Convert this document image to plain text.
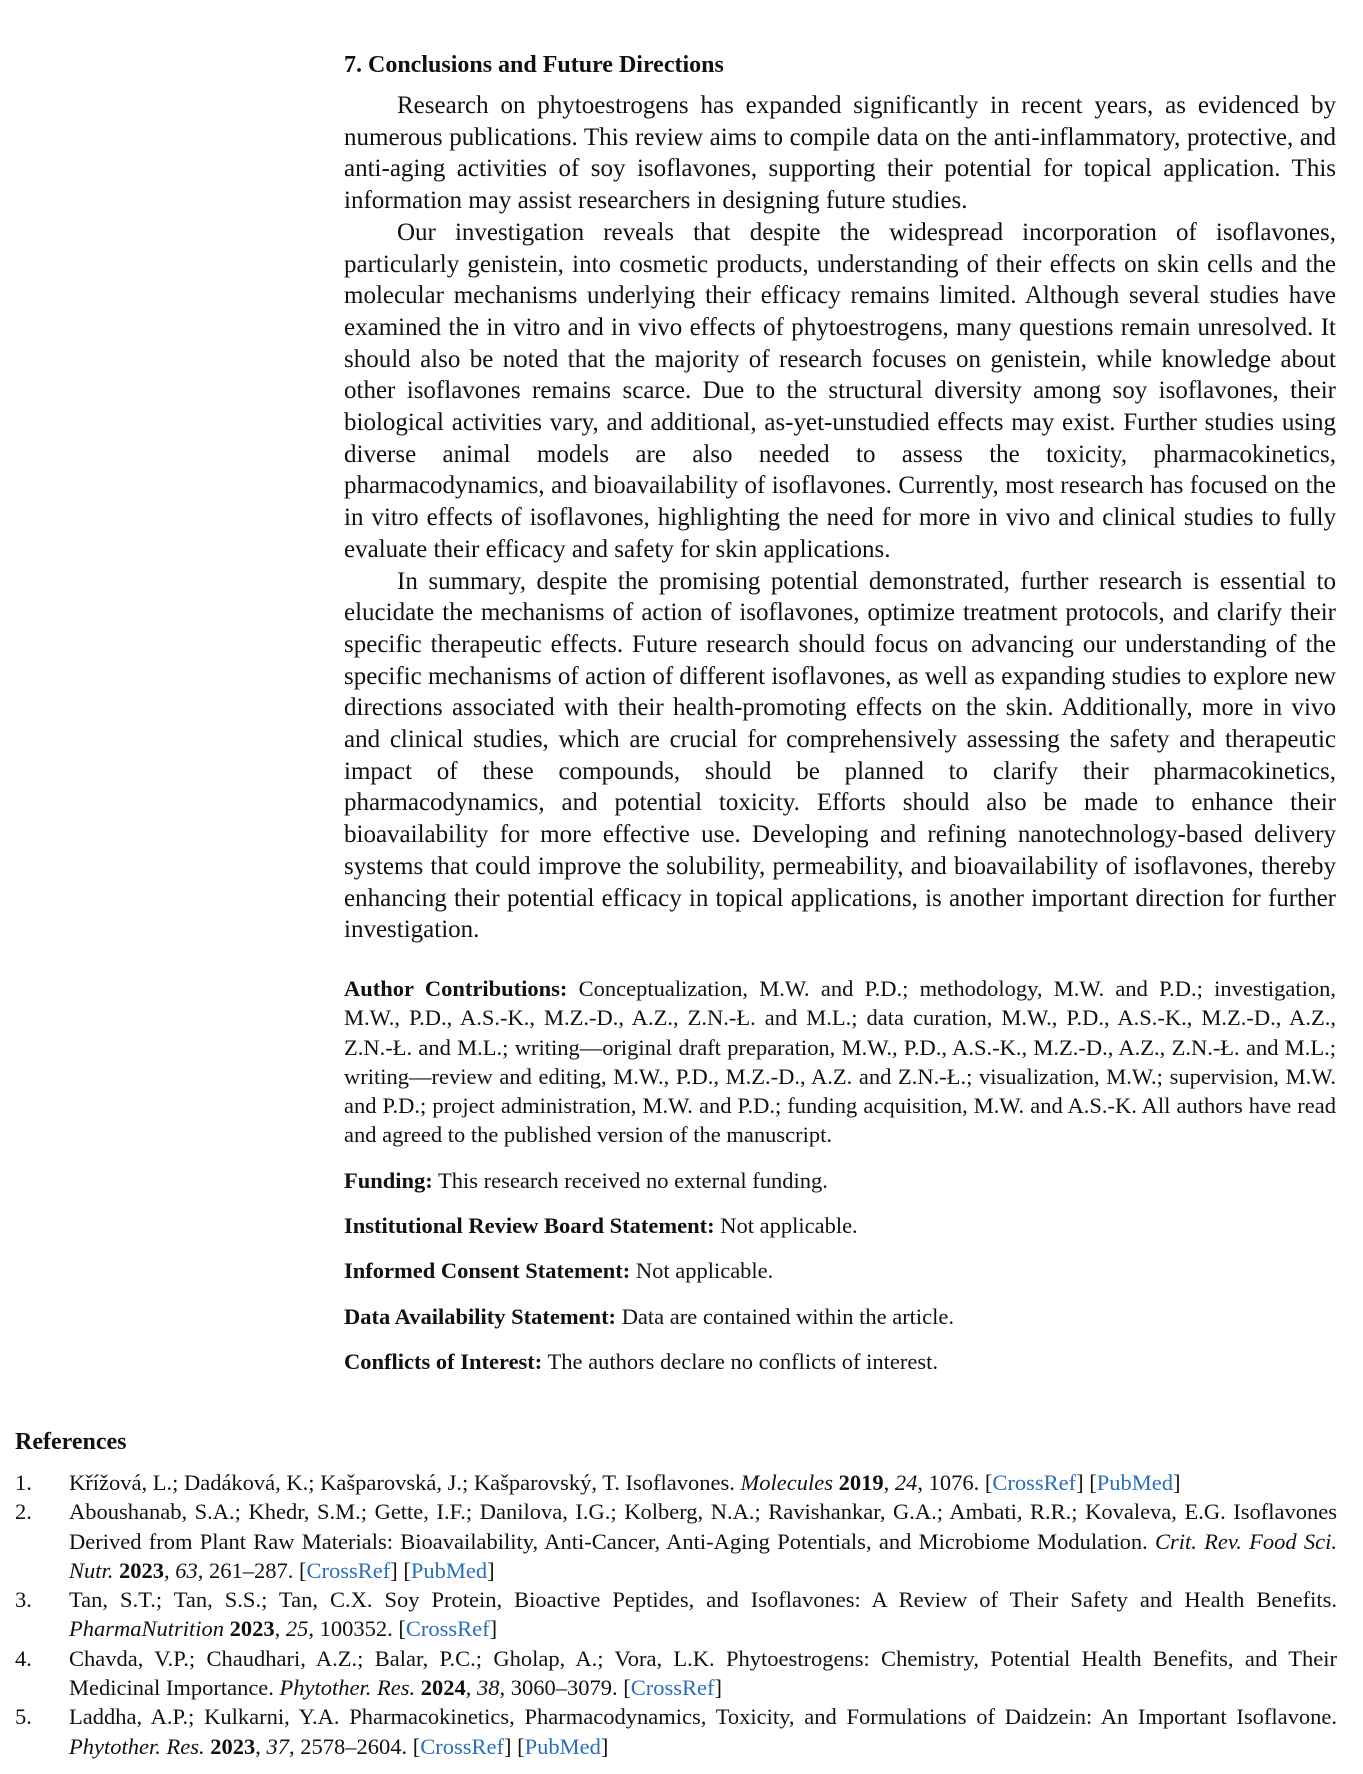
7. Conclusions and Future Directions

Research on phytoestrogens has expanded significantly in recent years, as evidenced by numerous publications. This review aims to compile data on the anti-inflammatory, protective, and anti-aging activities of soy isoflavones, supporting their potential for topical application. This information may assist researchers in designing future studies.

Our investigation reveals that despite the widespread incorporation of isoflavones, particularly genistein, into cosmetic products, understanding of their effects on skin cells and the molecular mechanisms underlying their efficacy remains limited. Although several studies have examined the in vitro and in vivo effects of phytoestrogens, many questions remain unresolved. It should also be noted that the majority of research focuses on genistein, while knowledge about other isoflavones remains scarce. Due to the structural diversity among soy isoflavones, their biological activities vary, and additional, as-yet-unstudied effects may exist. Further studies using diverse animal models are also needed to assess the toxicity, pharmacokinetics, pharmacodynamics, and bioavailability of isoflavones. Currently, most research has focused on the in vitro effects of isoflavones, highlighting the need for more in vivo and clinical studies to fully evaluate their efficacy and safety for skin applications.

In summary, despite the promising potential demonstrated, further research is essential to elucidate the mechanisms of action of isoflavones, optimize treatment protocols, and clarify their specific therapeutic effects. Future research should focus on advancing our understanding of the specific mechanisms of action of different isoflavones, as well as expanding studies to explore new directions associated with their health-promoting effects on the skin. Additionally, more in vivo and clinical studies, which are crucial for comprehensively assessing the safety and therapeutic impact of these compounds, should be planned to clarify their pharmacokinetics, pharmacodynamics, and potential toxicity. Efforts should also be made to enhance their bioavailability for more effective use. Developing and refining nanotechnology-based delivery systems that could improve the solubility, permeability, and bioavailability of isoflavones, thereby enhancing their potential efficacy in topical applications, is another important direction for further investigation.

Author Contributions: Conceptualization, M.W. and P.D.; methodology, M.W. and P.D.; investigation, M.W., P.D., A.S.-K., M.Z.-D., A.Z., Z.N.-Ł. and M.L.; data curation, M.W., P.D., A.S.-K., M.Z.-D., A.Z., Z.N.-Ł. and M.L.; writing—original draft preparation, M.W., P.D., A.S.-K., M.Z.-D., A.Z., Z.N.-Ł. and M.L.; writing—review and editing, M.W., P.D., M.Z.-D., A.Z. and Z.N.-Ł.; visualization, M.W.; supervision, M.W. and P.D.; project administration, M.W. and P.D.; funding acquisition, M.W. and A.S.-K. All authors have read and agreed to the published version of the manuscript.

Funding: This research received no external funding.

Institutional Review Board Statement: Not applicable.

Informed Consent Statement: Not applicable.

Data Availability Statement: Data are contained within the article.

Conflicts of Interest: The authors declare no conflicts of interest.

References
1. Křížová, L.; Dadáková, K.; Kašparovská, J.; Kašparovský, T. Isoflavones. Molecules 2019, 24, 1076. [CrossRef] [PubMed]
2. Aboushanab, S.A.; Khedr, S.M.; Gette, I.F.; Danilova, I.G.; Kolberg, N.A.; Ravishankar, G.A.; Ambati, R.R.; Kovaleva, E.G. Isoflavones Derived from Plant Raw Materials: Bioavailability, Anti-Cancer, Anti-Aging Potentials, and Microbiome Modulation. Crit. Rev. Food Sci. Nutr. 2023, 63, 261–287. [CrossRef] [PubMed]
3. Tan, S.T.; Tan, S.S.; Tan, C.X. Soy Protein, Bioactive Peptides, and Isoflavones: A Review of Their Safety and Health Benefits. PharmaNutrition 2023, 25, 100352. [CrossRef]
4. Chavda, V.P.; Chaudhari, A.Z.; Balar, P.C.; Gholap, A.; Vora, L.K. Phytoestrogens: Chemistry, Potential Health Benefits, and Their Medicinal Importance. Phytother. Res. 2024, 38, 3060–3079. [CrossRef]
5. Laddha, A.P.; Kulkarni, Y.A. Pharmacokinetics, Pharmacodynamics, Toxicity, and Formulations of Daidzein: An Important Isoflavone. Phytother. Res. 2023, 37, 2578–2604. [CrossRef] [PubMed]
